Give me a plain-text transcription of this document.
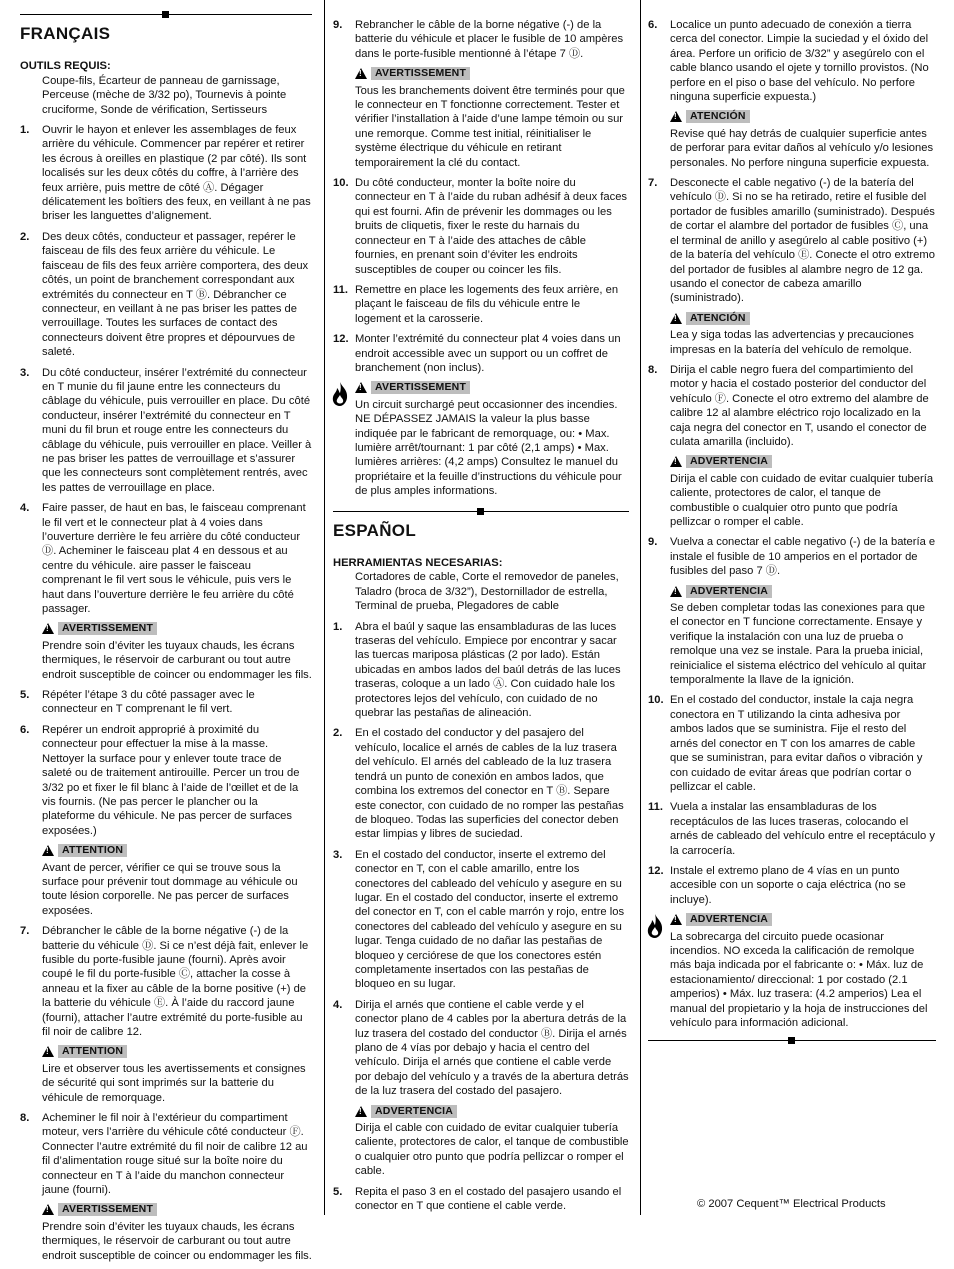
FRANÇAIS
OUTILS REQUIS:
Coupe-fils, Écarteur de panneau de garnissage, Perceuse (mèche de 3/32 po), Tournevis à pointe cruciforme, Sonde de vérification, Sertisseurs
1. Ouvrir le hayon et enlever les assemblages de feux arrière du véhicule. Commencer par repérer et retirer les écrous à oreilles en plastique (2 par côté). Ils sont localisés sur les deux côtés du coffre, à l’arrière des feux arrière, puis mettre de côté Ⓐ. Dégager délicatement les boîtiers des feux, en veillant à ne pas briser les languettes d’alignement.
2. Des deux côtés, conducteur et passager, repérer le faisceau de fils des feux arrière du véhicule. Le faisceau de fils des feux arrière comportera, des deux côtés, un point de branchement correspondant aux extrémités du connecteur en T Ⓑ. Débrancher ce connecteur, en veillant à ne pas briser les pattes de verrouillage. Toutes les surfaces de contact des connecteurs doivent être propres et dépourvues de saleté.
3. Du côté conducteur, insérer l’extrémité du connecteur en T munie du fil jaune entre les connecteurs du câblage du véhicule, puis verrouiller en place. Du côté conducteur, insérer l’extrémité du connecteur en T muni du fil brun et rouge entre les connecteurs du câblage du véhicule, puis verrouiller en place. Veiller à ne pas briser les pattes de verrouillage et s’assurer que les connecteurs sont complètement rentrés, avec les pattes de verrouillage en place.
4. Faire passer, de haut en bas, le faisceau comprenant le fil vert et le connecteur plat à 4 voies dans l’ouverture derrière le feu arrière du côté conducteur Ⓓ. Acheminer le faisceau plat 4 en dessous et au centre du véhicule. aire passer le faisceau comprenant le fil vert sous le véhicule, puis vers le haut dans l’ouverture derrière le feu arrière du côté passager.
!
AVERTISSEMENT
Prendre soin d’éviter les tuyaux chauds, les écrans thermiques, le réservoir de carburant ou tout autre endroit susceptible de coincer ou endommager les fils.
5. Répéter l’étape 3 du côté passager avec le connecteur en T comprenant le fil vert.
6. Repérer un endroit approprié à proximité du connecteur pour effectuer la mise à la masse. Nettoyer la surface pour y enlever toute trace de saleté ou de traitement antirouille. Percer un trou de 3/32 po et fixer le fil blanc à l’aide de l’œillet et de la vis fournis. (Ne pas percer le plancher ou la plateforme du véhicule. Ne pas percer de surfaces exposées.)
!
ATTENTION
Avant de percer, vérifier ce qui se trouve sous la surface pour prévenir tout dommage au véhicule ou toute lésion corporelle. Ne pas percer de surfaces exposées.
7. Débrancher le câble de la borne négative (-) de la batterie du véhicule Ⓓ. Si ce n’est déjà fait, enlever le fusible du porte-fusible jaune (fourni). Après avoir coupé le fil du porte-fusible Ⓒ, attacher la cosse à anneau et la fixer au câble de la borne positive (+) de la batterie du véhicule Ⓔ. À l’aide du raccord jaune (fourni), attacher l’autre extrémité du porte-fusible au fil noir de calibre 12.
!
ATTENTION
Lire et observer tous les avertissements et consignes de sécurité qui sont imprimés sur la batterie du véhicule de remorquage.
8. Acheminer le fil noir à l’extérieur du compartiment moteur, vers l’arrière du véhicule côté conducteur Ⓕ. Connecter l’autre extrémité du fil noir de calibre 12 au fil d’alimentation rouge situé sur la boîte noire du connecteur en T à l’aide du manchon connecteur jaune (fourni).
!
AVERTISSEMENT
Prendre soin d’éviter les tuyaux chauds, les écrans thermiques, le réservoir de carburant ou tout autre endroit susceptible de coincer ou endommager les fils.
9. Rebrancher le câble de la borne négative (-) de la batterie du véhicule et placer le fusible de 10 ampères dans le porte-fusible mentionné à l’étape 7 Ⓓ.
!
AVERTISSEMENT
Tous les branchements doivent être terminés pour que le connecteur en T fonctionne correctement. Tester et vérifier l’installation à l’aide d’une lampe témoin ou sur une remorque. Comme test initial, réinitialiser le système électrique du véhicule en retirant temporairement la clé du contact.
10. Du côté conducteur, monter la boîte noire du connecteur en T à l’aide du ruban adhésif à deux faces qui est fourni. Afin de prévenir les dommages ou les bruits de cliquetis, fixer le reste du harnais du connecteur en T à l’aide des attaches de câble fournies, en prenant soin d’éviter les endroits susceptibles de couper ou coincer les fils.
11. Remettre en place les logements des feux arrière, en plaçant le faisceau de fils du véhicule entre le logement et la carosserie.
12. Monter l’extrémité du connecteur plat 4 voies dans un endroit accessible avec un support ou un coffret de branchement (non inclus).
!
AVERTISSEMENT
Un circuit surchargé peut occasionner des incendies. NE DÉPASSEZ JAMAIS la valeur la plus basse indiquée par le fabricant de remorquage, ou: • Max. lumière arrêt/tournant: 1 par côté (2,1 amps) • Max. lumières arrières: (4,2 amps) Consultez le manuel du propriétaire et la feuille d’instructions du véhicule pour de plus amples informations.
ESPAÑOL
HERRAMIENTAS NECESARIAS:
Cortadores de cable, Corte el removedor de paneles, Taladro (broca de 3/32”), Destornillador de estrella, Terminal de prueba, Plegadores de cable
1. Abra el baúl y saque las ensambladuras de las luces traseras del vehículo. Empiece por encontrar y sacar las tuercas mariposa plásticas (2 por lado). Están ubicadas en ambos lados del baúl detrás de las luces traseras, coloque a un lado Ⓐ. Con cuidado hale los protectores lejos del vehículo, con cuidado de no quebrar las pestañas de alineación.
2. En el costado del conductor y del pasajero del vehículo, localice el arnés de cables de la luz trasera del vehículo. El arnés del cableado de la luz trasera tendrá un punto de conexión en ambos lados, que combina los extremos del conector en T Ⓑ. Separe este conector, con cuidado de no romper las pestañas de bloqueo. Todas las superficies del conector deben estar limpias y libres de suciedad.
3. En el costado del conductor, inserte el extremo del conector en T, con el cable amarillo, entre los conectores del cableado del vehículo y asegure en su lugar. En el costado del conductor, inserte el extremo del conector en T, con el cable marrón y rojo, entre los conectores del cableado del vehículo y asegure en su lugar. Tenga cuidado de no dañar las pestañas de bloqueo y cerciórese de que los conectores estén completamente insertados con las pestañas de bloqueo en su lugar.
4. Dirija el arnés que contiene el cable verde y el conector plano de 4 cables por la abertura detrás de la luz trasera del costado del conductor Ⓑ. Dirija el arnés plano de 4 vías por debajo y hacia el centro del vehículo. Dirija el arnés que contiene el cable verde por debajo del vehículo y a través de la abertura detrás de la luz trasera del costado del pasajero.
!
ADVERTENCIA
Dirija el cable con cuidado de evitar cualquier tubería caliente, protectores de calor, el tanque de combustible o cualquier otro punto que podría pellizcar o romper el cable.
5. Repita el paso 3 en el costado del pasajero usando el conector en T que contiene el cable verde.
6. Localice un punto adecuado de conexión a tierra cerca del conector. Limpie la suciedad y el óxido del área. Perfore un orificio de 3/32” y asegúrelo con el cable blanco usando el ojete y tornillo provistos. (No perfore en el piso o base del vehículo. No perfore ninguna superficie expuesta.)
!
ATENCIÓN
Revise qué hay detrás de cualquier superficie antes de perforar para evitar daños al vehículo y/o lesiones personales. No perfore ninguna superficie expuesta.
7. Desconecte el cable negativo (-) de la batería del vehículo Ⓓ. Si no se ha retirado, retire el fusible del portador de fusibles amarillo (suministrado). Después de cortar el alambre del portador de fusibles Ⓒ, una el terminal de anillo y asegúrelo al cable positivo (+) de la batería del vehículo Ⓔ. Conecte el otro extremo del portador de fusibles al alambre negro de 12 ga. usando el conector de cabeza amarillo (suministrado).
!
ATENCIÓN
Lea y siga todas las advertencias y precauciones impresas en la batería del vehículo de remolque.
8. Dirija el cable negro fuera del compartimiento del motor y hacia el costado posterior del conductor del vehículo Ⓕ. Conecte el otro extremo del alambre de calibre 12 al alambre eléctrico rojo localizado en la caja negra del conector en T, usando el conector de culata amarilla (incluido).
!
ADVERTENCIA
Dirija el cable con cuidado de evitar cualquier tubería caliente, protectores de calor, el tanque de combustible o cualquier otro punto que podría pellizcar o romper el cable.
9. Vuelva a conectar el cable negativo (-) de la batería e instale el fusible de 10 amperios en el portador de fusibles del paso 7 Ⓓ.
!
ADVERTENCIA
Se deben completar todas las conexiones para que el conector en T funcione correctamente. Ensaye y verifique la instalación con una luz de prueba o remolque una vez se instale. Para la prueba inicial, reinicialice el sistema eléctrico del vehículo al quitar temporalmente la llave de la ignición.
10. En el costado del conductor, instale la caja negra conectora en T utilizando la cinta adhesiva por ambos lados que se suministra. Fije el resto del arnés del conector en T con los amarres de cable que se suministran, para evitar daños o vibración y con cuidado de evitar áreas que podrían cortar o pellizcar el cable.
11. Vuela a instalar las ensambladuras de los receptáculos de las luces traseras, colocando el arnés de cableado del vehículo entre el receptáculo y la carrocería.
12. Instale el extremo plano de 4 vías en un punto accesible con un soporte o caja eléctrica (no se incluye).
!
ADVERTENCIA
La sobrecarga del circuito puede ocasionar incendios. NO exceda la calificación de remolque más baja indicada por el fabricante o: • Máx. luz de estacionamiento/ direccional: 1 por costado (2.1 amperios) • Máx. luz trasera: (4.2 amperios) Lea el manual del propietario y la hoja de instrucciones del vehículo para información adicional.
© 2007 Cequent™ Electrical Products
